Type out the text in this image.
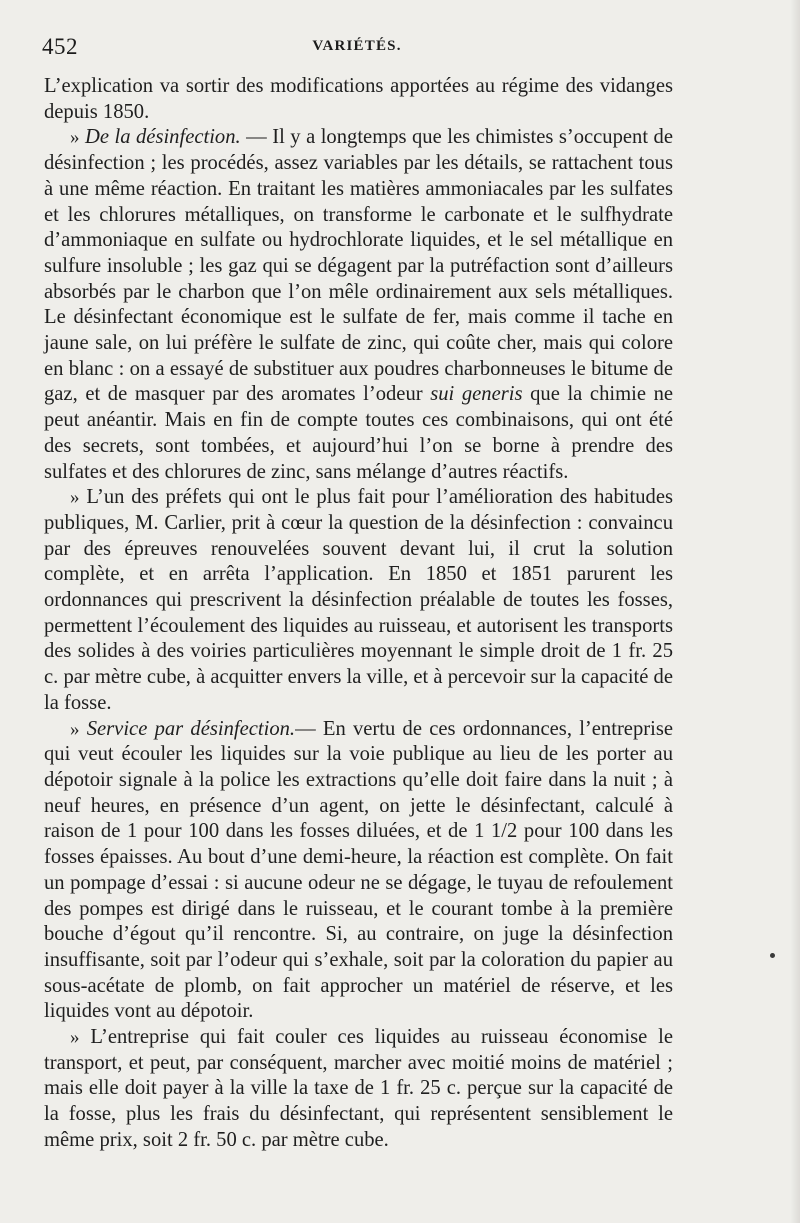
452	VARIÉTÉS.

L’explication va sortir des modifications apportées au régime des vidanges depuis 1850.

» De la désinfection. — Il y a longtemps que les chimistes s’occupent de désinfection ; les procédés, assez variables par les détails, se rattachent tous à une même réaction. En traitant les matières ammoniacales par les sulfates et les chlorures métalliques, on transforme le carbonate et le sulfhydrate d’ammoniaque en sulfate ou hydrochlorate liquides, et le sel métallique en sulfure insoluble ; les gaz qui se dégagent par la putréfaction sont d’ailleurs absorbés par le charbon que l’on mêle ordinairement aux sels métalliques. Le désinfectant économique est le sulfate de fer, mais comme il tache en jaune sale, on lui préfère le sulfate de zinc, qui coûte cher, mais qui colore en blanc : on a essayé de substituer aux poudres charbonneuses le bitume de gaz, et de masquer par des aromates l’odeur sui generis que la chimie ne peut anéantir. Mais en fin de compte toutes ces combinaisons, qui ont été des secrets, sont tombées, et aujourd’hui l’on se borne à prendre des sulfates et des chlorures de zinc, sans mélange d’autres réactifs.

» L’un des préfets qui ont le plus fait pour l’amélioration des habitudes publiques, M. Carlier, prit à cœur la question de la désinfection : convaincu par des épreuves renouvelées souvent devant lui, il crut la solution complète, et en arrêta l’application. En 1850 et 1851 parurent les ordonnances qui prescrivent la désinfection préalable de toutes les fosses, permettent l’écoulement des liquides au ruisseau, et autorisent les transports des solides à des voiries particulières moyennant le simple droit de 1 fr. 25 c. par mètre cube, à acquitter envers la ville, et à percevoir sur la capacité de la fosse.

» Service par désinfection.— En vertu de ces ordonnances, l’entreprise qui veut écouler les liquides sur la voie publique au lieu de les porter au dépotoir signale à la police les extractions qu’elle doit faire dans la nuit ; à neuf heures, en présence d’un agent, on jette le désinfectant, calculé à raison de 1 pour 100 dans les fosses diluées, et de 1 1/2 pour 100 dans les fosses épaisses. Au bout d’une demi-heure, la réaction est complète. On fait un pompage d’essai : si aucune odeur ne se dégage, le tuyau de refoulement des pompes est dirigé dans le ruisseau, et le courant tombe à la première bouche d’égout qu’il rencontre. Si, au contraire, on juge la désinfection insuffisante, soit par l’odeur qui s’exhale, soit par la coloration du papier au sous-acétate de plomb, on fait approcher un matériel de réserve, et les liquides vont au dépotoir.

» L’entreprise qui fait couler ces liquides au ruisseau économise le transport, et peut, par conséquent, marcher avec moitié moins de matériel ; mais elle doit payer à la ville la taxe de 1 fr. 25 c. perçue sur la capacité de la fosse, plus les frais du désinfectant, qui représentent sensiblement le même prix, soit 2 fr. 50 c. par mètre cube.
